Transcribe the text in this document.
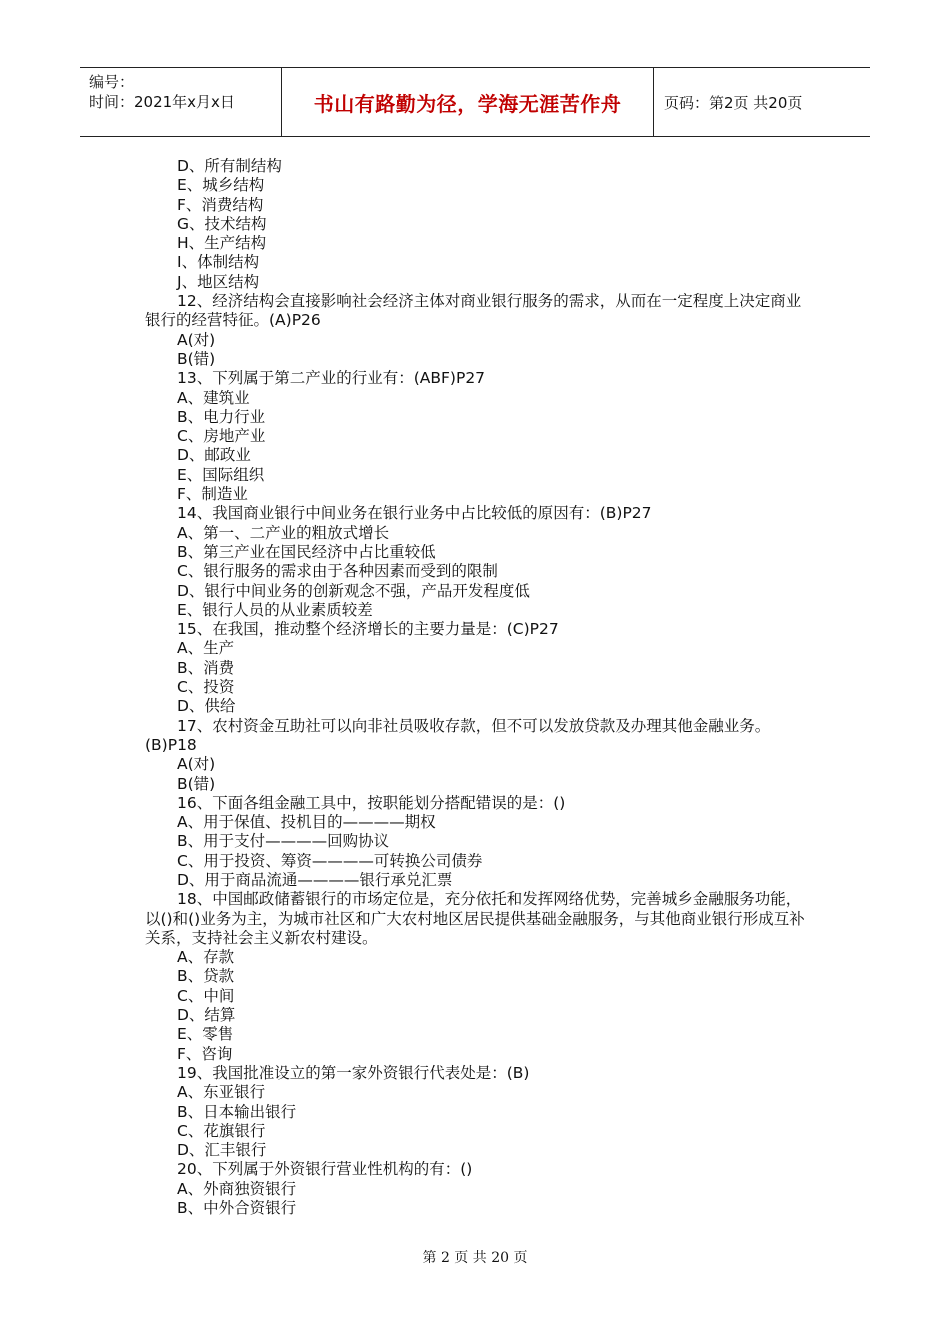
编号：
时间：2021年x月x日	书山有路勤为径，学海无涯苦作舟	页码：第2页 共20页
D、所有制结构
E、城乡结构
F、消费结构
G、技术结构
H、生产结构
I、体制结构
J、地区结构
12、经济结构会直接影响社会经济主体对商业银行服务的需求，从而在一定程度上决定商业银行的经营特征。(A)P26
A(对)
B(错)
13、下列属于第二产业的行业有：(ABF)P27
A、建筑业
B、电力行业
C、房地产业
D、邮政业
E、国际组织
F、制造业
14、我国商业银行中间业务在银行业务中占比较低的原因有：(B)P27
A、第一、二产业的粗放式增长
B、第三产业在国民经济中占比重较低
C、银行服务的需求由于各种因素而受到的限制
D、银行中间业务的创新观念不强，产品开发程度低
E、银行人员的从业素质较差
15、在我国，推动整个经济增长的主要力量是：(C)P27
A、生产
B、消费
C、投资
D、供给
17、农村资金互助社可以向非社员吸收存款，但不可以发放贷款及办理其他金融业务。(B)P18
A(对)
B(错)
16、下面各组金融工具中，按职能划分搭配错误的是：()
A、用于保值、投机目的————期权
B、用于支付————回购协议
C、用于投资、筹资————可转换公司债券
D、用于商品流通————银行承兑汇票
18、中国邮政储蓄银行的市场定位是，充分依托和发挥网络优势，完善城乡金融服务功能，以()和()业务为主，为城市社区和广大农村地区居民提供基础金融服务，与其他商业银行形成互补关系，支持社会主义新农村建设。
A、存款
B、贷款
C、中间
D、结算
E、零售
F、咨询
19、我国批准设立的第一家外资银行代表处是：(B)
A、东亚银行
B、日本输出银行
C、花旗银行
D、汇丰银行
20、下列属于外资银行营业性机构的有：()
A、外商独资银行
B、中外合资银行
第 2 页 共 20 页
